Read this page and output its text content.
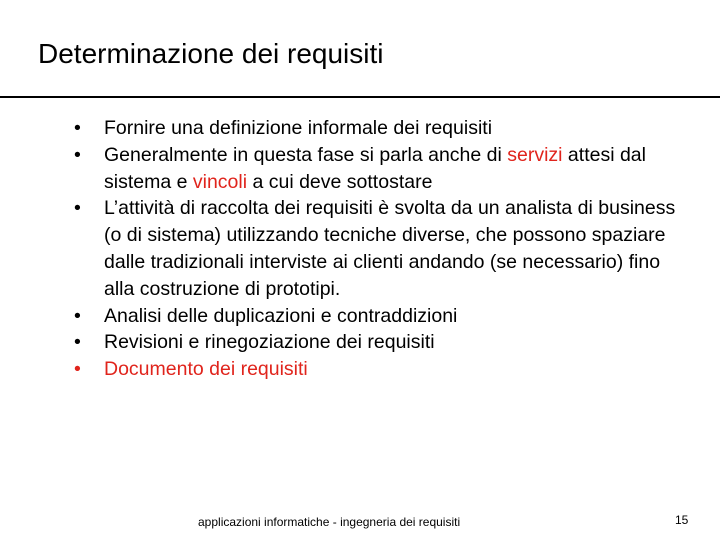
Determinazione dei requisiti
• Fornire una definizione informale dei requisiti
• Generalmente in questa fase si parla anche di servizi attesi dal sistema e vincoli a cui deve sottostare
• L’attività di raccolta dei requisiti è svolta da un analista di business (o di sistema) utilizzando tecniche diverse, che possono spaziare dalle tradizionali interviste ai clienti andando (se necessario) fino alla costruzione di prototipi.
• Analisi delle duplicazioni e contraddizioni
• Revisioni e rinegoziazione dei requisiti
• Documento dei requisiti
applicazioni informatiche - ingegneria dei requisiti	15
